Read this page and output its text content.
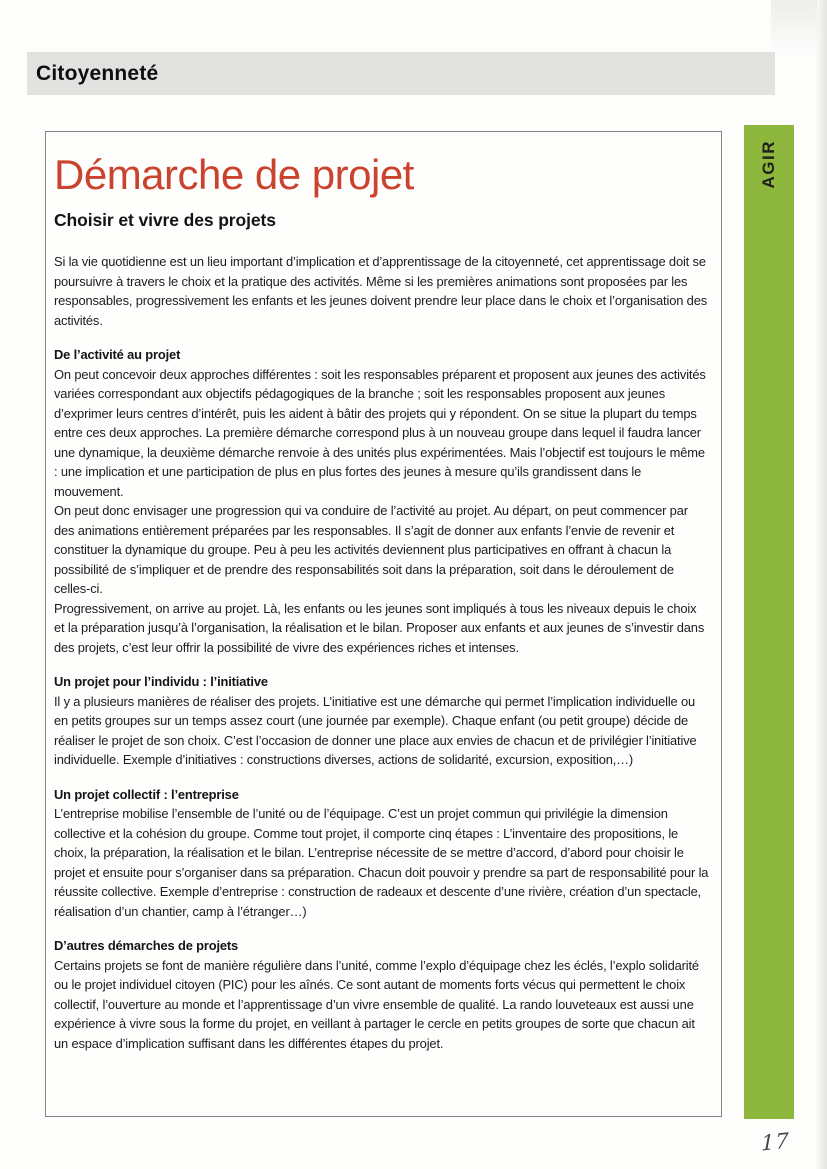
Citoyenneté
AGIR
Démarche de projet
Choisir et vivre des projets

Si la vie quotidienne est un lieu important d’implication et d’apprentissage de la citoyenneté, cet apprentissage doit se poursuivre à travers le choix et la pratique des activités. Même si les premières animations sont proposées par les responsables, progressivement les enfants et les jeunes doivent prendre leur place dans le choix et l’organisation des activités.

De l’activité au projet

On peut concevoir deux approches différentes : soit les responsables préparent et proposent aux jeunes des activités variées correspondant aux objectifs pédagogiques de la branche ; soit les responsables proposent aux jeunes d’exprimer leurs centres d’intérêt, puis les aident à bâtir des projets qui y répondent. On se situe la plupart du temps entre ces deux approches. La première démarche correspond plus à un nouveau groupe dans lequel il faudra lancer une dynamique, la deuxième démarche renvoie à des unités plus expérimentées. Mais l’objectif est toujours le même : une implication et une participation de plus en plus fortes des jeunes à mesure qu’ils grandissent dans le mouvement.

On peut donc envisager une progression qui va conduire de l’activité au projet. Au départ, on peut commencer par des animations entièrement préparées par les responsables. Il s’agit de donner aux enfants l’envie de revenir et constituer la dynamique du groupe. Peu à peu les activités deviennent plus participatives en offrant à chacun la possibilité de s’impliquer et de prendre des responsabilités soit dans la préparation, soit dans le déroulement de celles-ci.

Progressivement, on arrive au projet. Là, les enfants ou les jeunes sont impliqués à tous les niveaux depuis le choix et la préparation jusqu’à l’organisation, la réalisation et le bilan. Proposer aux enfants et aux jeunes de s’investir dans des projets, c’est leur offrir la possibilité de vivre des expériences riches et intenses.

Un projet pour l’individu : l’initiative

Il y a plusieurs manières de réaliser des projets. L’initiative est une démarche qui permet l’implication individuelle ou en petits groupes sur un temps assez court (une journée par exemple). Chaque enfant (ou petit groupe) décide de réaliser le projet de son choix. C’est l’occasion de donner une place aux envies de chacun et de privilégier l’initiative individuelle. Exemple d’initiatives : constructions diverses, actions de solidarité, excursion, exposition,…)

Un projet collectif : l’entreprise

L’entreprise mobilise l’ensemble de l’unité ou de l’équipage. C’est un projet commun qui privilégie la dimension collective et la cohésion du groupe. Comme tout projet, il comporte cinq étapes : L’inventaire des propositions, le choix, la préparation, la réalisation et le bilan. L’entreprise nécessite de se mettre d’accord, d’abord pour choisir le projet et ensuite pour s’organiser dans sa préparation. Chacun doit pouvoir y prendre sa part de responsabilité pour la réussite collective. Exemple d’entreprise : construction de radeaux et descente d’une rivière, création d’un spectacle, réalisation d’un chantier, camp à l’étranger…)

D’autres démarches de projets

Certains projets se font de manière régulière dans l’unité, comme l’explo d’équipage chez les éclés, l’explo solidarité ou le projet individuel citoyen (PIC) pour les aînés. Ce sont autant de moments forts vécus qui permettent le choix collectif, l’ouverture au monde et l’apprentissage d’un vivre ensemble de qualité. La rando louveteaux est aussi une expérience à vivre sous la forme du projet, en veillant à partager le cercle en petits groupes de sorte que chacun ait un espace d’implication suffisant dans les différentes étapes du projet.

17
